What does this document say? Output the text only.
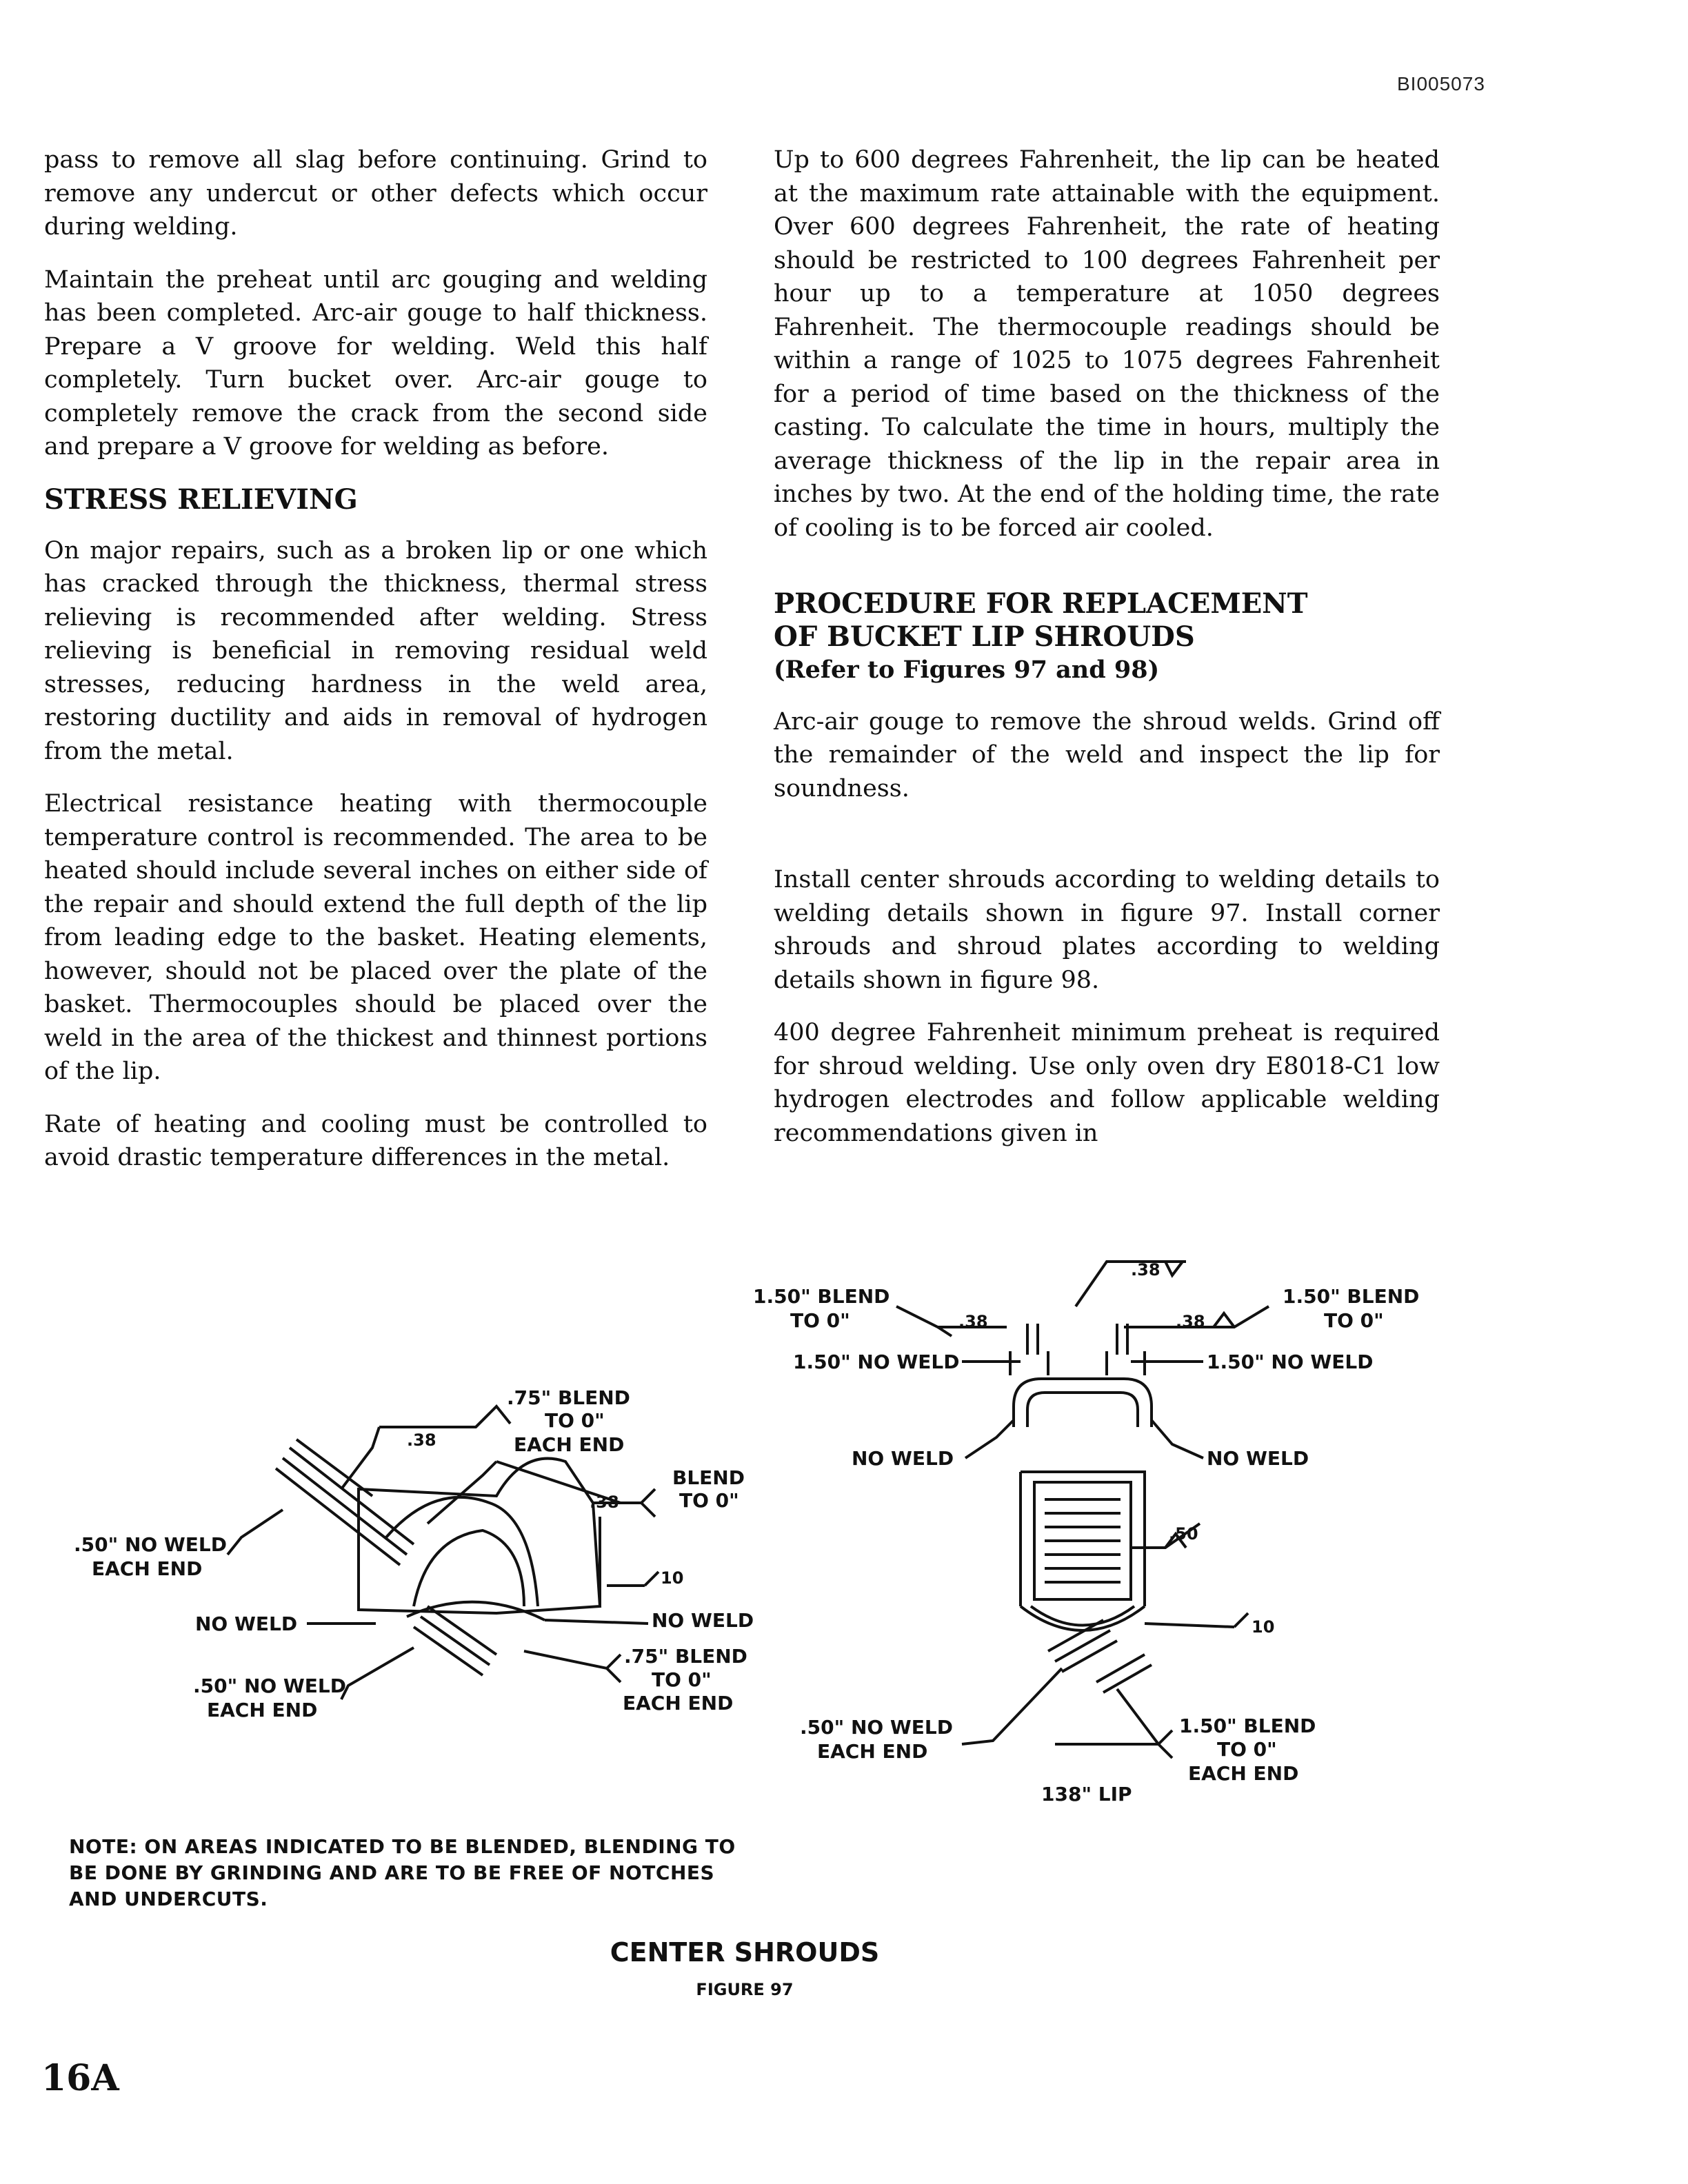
BI005073

pass to remove all slag before continuing. Grind to remove any undercut or other defects which occur during welding.

Maintain the preheat until arc gouging and welding has been completed. Arc-air gouge to half thickness. Prepare a V groove for welding. Weld this half completely. Turn bucket over. Arc-air gouge to completely remove the crack from the second side and prepare a V groove for welding as before.

STRESS RELIEVING

On major repairs, such as a broken lip or one which has cracked through the thickness, thermal stress relieving is recommended after welding. Stress relieving is beneficial in removing residual weld stresses, reducing hardness in the weld area, restoring ductility and aids in removal of hydrogen from the metal.

Electrical resistance heating with thermocouple temperature control is recommended. The area to be heated should include several inches on either side of the repair and should extend the full depth of the lip from leading edge to the basket. Heating elements, however, should not be placed over the plate of the basket. Thermocouples should be placed over the weld in the area of the thickest and thinnest portions of the lip.

Rate of heating and cooling must be controlled to avoid drastic temperature differences in the metal.

Up to 600 degrees Fahrenheit, the lip can be heated at the maximum rate attainable with the equipment. Over 600 degrees Fahrenheit, the rate of heating should be restricted to 100 degrees Fahrenheit per hour up to a temperature at 1050 degrees Fahrenheit. The thermocouple readings should be within a range of 1025 to 1075 degrees Fahrenheit for a period of time based on the thickness of the casting. To calculate the time in hours, multiply the average thickness of the lip in the repair area in inches by two. At the end of the holding time, the rate of cooling is to be forced air cooled.

PROCEDURE FOR REPLACEMENT
OF BUCKET LIP SHROUDS
(Refer to Figures 97 and 98)

Arc-air gouge to remove the shroud welds. Grind off the remainder of the weld and inspect the lip for soundness.

Install center shrouds according to welding details to welding details shown in figure 97. Install corner shrouds and shroud plates according to welding details shown in figure 98.

400 degree Fahrenheit minimum preheat is required for shroud welding. Use only oven dry E8018-C1 low hydrogen electrodes and follow applicable welding recommendations given in

.75" BLEND
TO 0"
EACH END
.38
BLEND
TO 0"
.38
.50" NO WELD
EACH END	10
NO WELD	NO WELD
.75" BLEND
TO 0"
EACH END
.50" NO WELD
EACH END
.38
1.50" BLEND
TO 0"	.38	.38
1.50" BLEND
TO 0"
1.50" NO WELD	1.50" NO WELD
NO WELD	NO WELD
.50
10
.50" NO WELD
EACH END
1.50" BLEND
TO 0"
EACH END
138" LIP

NOTE: ON AREAS INDICATED TO BE BLENDED, BLENDING TO BE DONE BY GRINDING AND ARE TO BE FREE OF NOTCHES AND UNDERCUTS.

CENTER SHROUDS
FIGURE 97
16A
